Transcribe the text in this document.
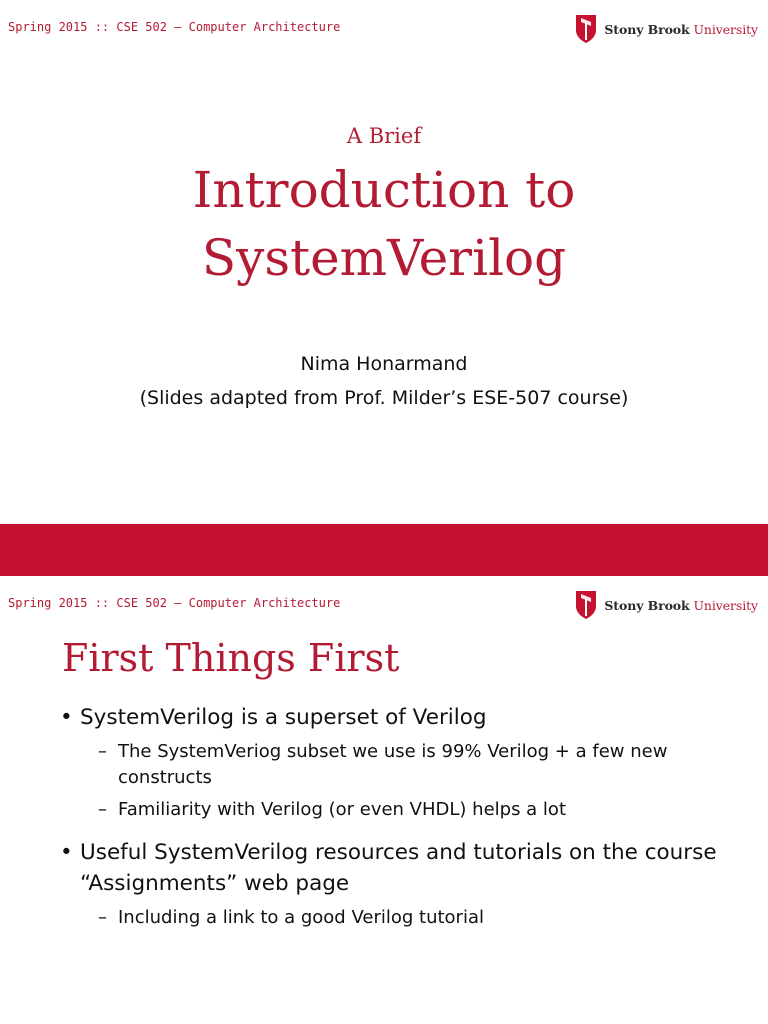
Spring 2015 :: CSE 502 – Computer Architecture	Stony Brook University
A Brief
Introduction to
SystemVerilog
Nima Honarmand
(Slides adapted from Prof. Milder’s ESE-507 course)
Spring 2015 :: CSE 502 – Computer Architecture	Stony Brook University
First Things First
• SystemVerilog is a superset of Verilog
– The SystemVeriog subset we use is 99% Verilog + a few new constructs
– Familiarity with Verilog (or even VHDL) helps a lot
• Useful SystemVerilog resources and tutorials on the course “Assignments” web page
– Including a link to a good Verilog tutorial
